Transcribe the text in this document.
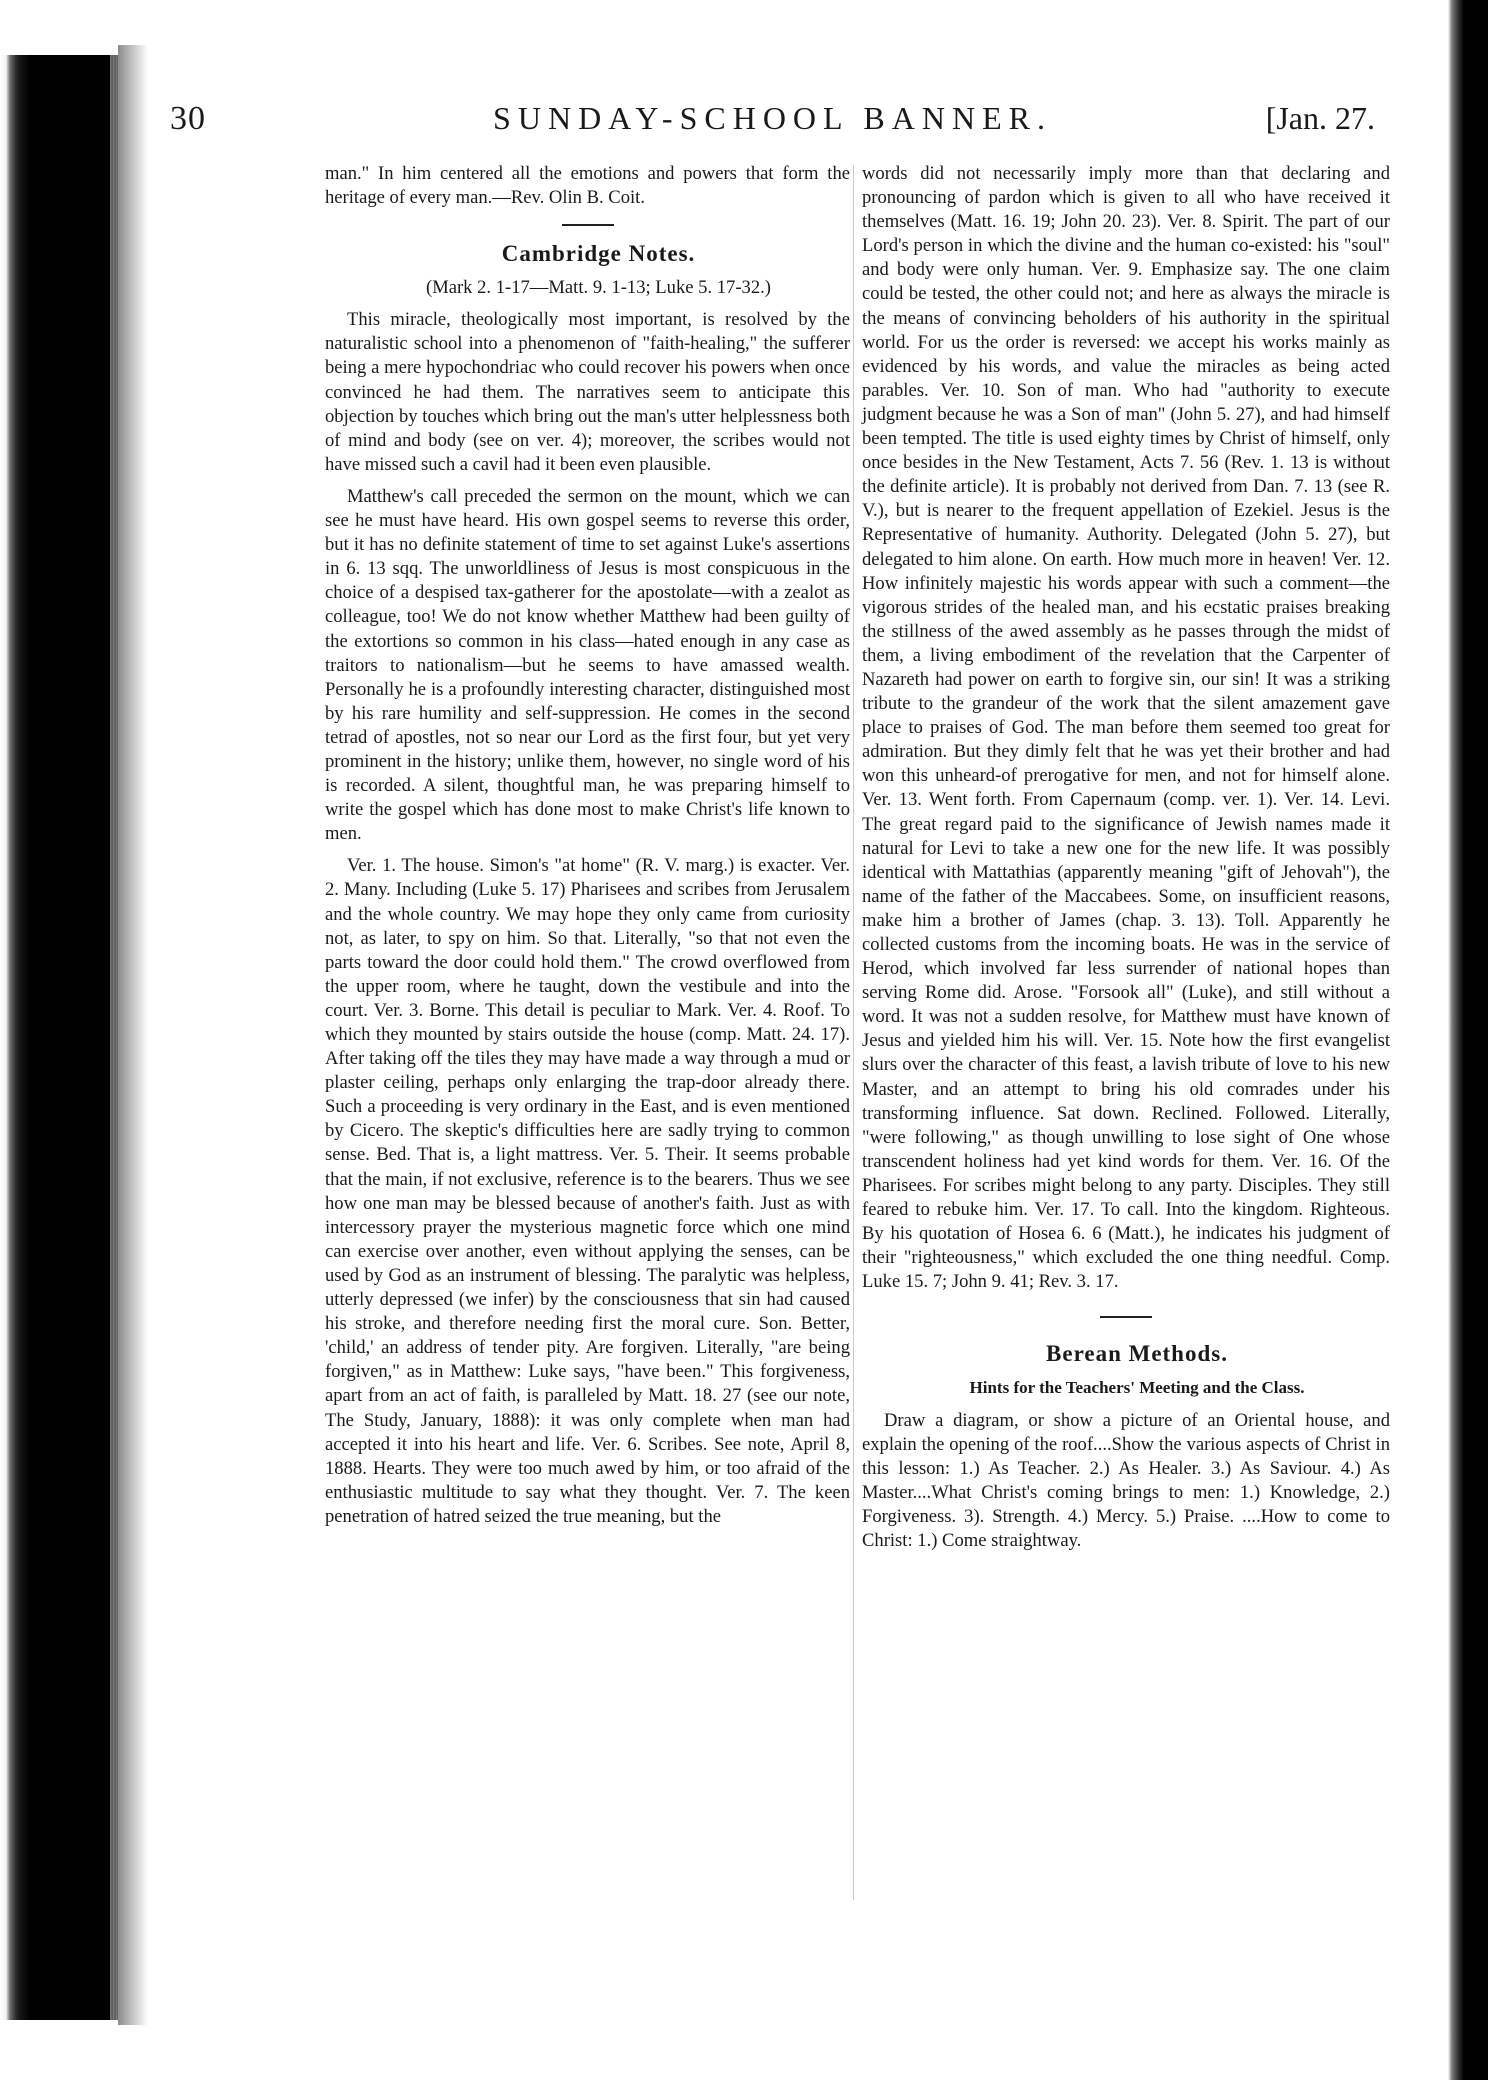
30	SUNDAY-SCHOOL BANNER.	[Jan. 27.

man." In him centered all the emotions and powers that form the heritage of every man.—Rev. Olin B. Coit.

Cambridge Notes.

(Mark 2. 1-17—Matt. 9. 1-13; Luke 5. 17-32.)

This miracle, theologically most important, is resolved by the naturalistic school into a phenomenon of "faith-healing," the sufferer being a mere hypochondriac who could recover his powers when once convinced he had them. The narratives seem to anticipate this objection by touches which bring out the man's utter helplessness both of mind and body (see on ver. 4); moreover, the scribes would not have missed such a cavil had it been even plausible.

Matthew's call preceded the sermon on the mount, which we can see he must have heard. His own gospel seems to reverse this order, but it has no definite statement of time to set against Luke's assertions in 6. 13 sqq. The unworldliness of Jesus is most conspicuous in the choice of a despised tax-gatherer for the apostolate—with a zealot as colleague, too! We do not know whether Matthew had been guilty of the extortions so common in his class—hated enough in any case as traitors to nationalism—but he seems to have amassed wealth. Personally he is a profoundly interesting character, distinguished most by his rare humility and self-suppression. He comes in the second tetrad of apostles, not so near our Lord as the first four, but yet very prominent in the history; unlike them, however, no single word of his is recorded. A silent, thoughtful man, he was preparing himself to write the gospel which has done most to make Christ's life known to men.

Ver. 1. The house. Simon's "at home" (R. V. marg.) is exacter. Ver. 2. Many. Including (Luke 5. 17) Pharisees and scribes from Jerusalem and the whole country. We may hope they only came from curiosity not, as later, to spy on him. So that. Literally, "so that not even the parts toward the door could hold them." The crowd overflowed from the upper room, where he taught, down the vestibule and into the court. Ver. 3. Borne. This detail is peculiar to Mark. Ver. 4. Roof. To which they mounted by stairs outside the house (comp. Matt. 24. 17). After taking off the tiles they may have made a way through a mud or plaster ceiling, perhaps only enlarging the trap-door already there. Such a proceeding is very ordinary in the East, and is even mentioned by Cicero. The skeptic's difficulties here are sadly trying to common sense. Bed. That is, a light mattress. Ver. 5. Their. It seems probable that the main, if not exclusive, reference is to the bearers. Thus we see how one man may be blessed because of another's faith. Just as with intercessory prayer the mysterious magnetic force which one mind can exercise over another, even without applying the senses, can be used by God as an instrument of blessing. The paralytic was helpless, utterly depressed (we infer) by the consciousness that sin had caused his stroke, and therefore needing first the moral cure. Son. Better, 'child,' an address of tender pity. Are forgiven. Literally, "are being forgiven," as in Matthew: Luke says, "have been." This forgiveness, apart from an act of faith, is paralleled by Matt. 18. 27 (see our note, The Study, January, 1888): it was only complete when man had accepted it into his heart and life. Ver. 6. Scribes. See note, April 8, 1888. Hearts. They were too much awed by him, or too afraid of the enthusiastic multitude to say what they thought. Ver. 7. The keen penetration of hatred seized the true meaning, but the

words did not necessarily imply more than that declaring and pronouncing of pardon which is given to all who have received it themselves (Matt. 16. 19; John 20. 23). Ver. 8. Spirit. The part of our Lord's person in which the divine and the human co-existed: his "soul" and body were only human. Ver. 9. Emphasize say. The one claim could be tested, the other could not; and here as always the miracle is the means of convincing beholders of his authority in the spiritual world. For us the order is reversed: we accept his works mainly as evidenced by his words, and value the miracles as being acted parables. Ver. 10. Son of man. Who had "authority to execute judgment because he was a Son of man" (John 5. 27), and had himself been tempted. The title is used eighty times by Christ of himself, only once besides in the New Testament, Acts 7. 56 (Rev. 1. 13 is without the definite article). It is probably not derived from Dan. 7. 13 (see R. V.), but is nearer to the frequent appellation of Ezekiel. Jesus is the Representative of humanity. Authority. Delegated (John 5. 27), but delegated to him alone. On earth. How much more in heaven! Ver. 12. How infinitely majestic his words appear with such a comment—the vigorous strides of the healed man, and his ecstatic praises breaking the stillness of the awed assembly as he passes through the midst of them, a living embodiment of the revelation that the Carpenter of Nazareth had power on earth to forgive sin, our sin! It was a striking tribute to the grandeur of the work that the silent amazement gave place to praises of God. The man before them seemed too great for admiration. But they dimly felt that he was yet their brother and had won this unheard-of prerogative for men, and not for himself alone. Ver. 13. Went forth. From Capernaum (comp. ver. 1). Ver. 14. Levi. The great regard paid to the significance of Jewish names made it natural for Levi to take a new one for the new life. It was possibly identical with Mattathias (apparently meaning "gift of Jehovah"), the name of the father of the Maccabees. Some, on insufficient reasons, make him a brother of James (chap. 3. 13). Toll. Apparently he collected customs from the incoming boats. He was in the service of Herod, which involved far less surrender of national hopes than serving Rome did. Arose. "Forsook all" (Luke), and still without a word. It was not a sudden resolve, for Matthew must have known of Jesus and yielded him his will. Ver. 15. Note how the first evangelist slurs over the character of this feast, a lavish tribute of love to his new Master, and an attempt to bring his old comrades under his transforming influence. Sat down. Reclined. Followed. Literally, "were following," as though unwilling to lose sight of One whose transcendent holiness had yet kind words for them. Ver. 16. Of the Pharisees. For scribes might belong to any party. Disciples. They still feared to rebuke him. Ver. 17. To call. Into the kingdom. Righteous. By his quotation of Hosea 6. 6 (Matt.), he indicates his judgment of their "righteousness," which excluded the one thing needful. Comp. Luke 15. 7; John 9. 41; Rev. 3. 17.

Berean Methods.

Hints for the Teachers' Meeting and the Class.

Draw a diagram, or show a picture of an Oriental house, and explain the opening of the roof....Show the various aspects of Christ in this lesson: 1.) As Teacher. 2.) As Healer. 3.) As Saviour. 4.) As Master....What Christ's coming brings to men: 1.) Knowledge, 2.) Forgiveness. 3). Strength. 4.) Mercy. 5.) Praise. ....How to come to Christ: 1.) Come straightway.
